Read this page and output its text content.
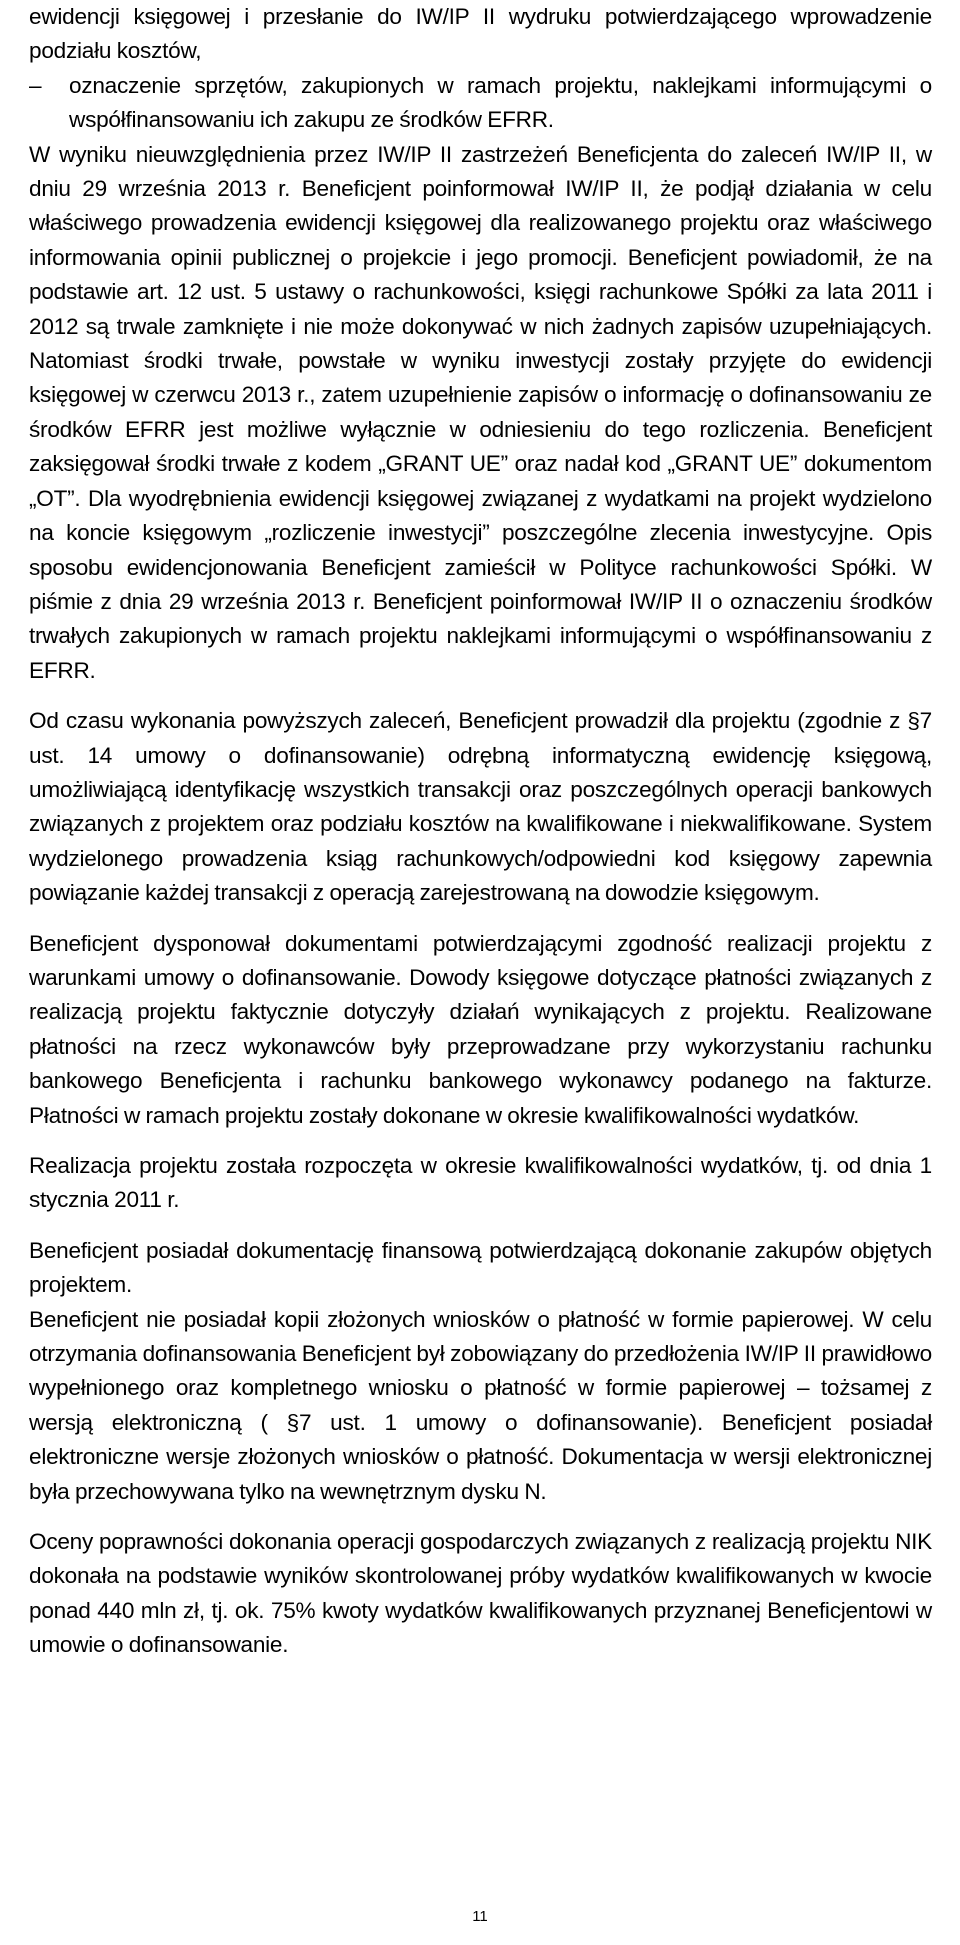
ewidencji księgowej i przesłanie do IW/IP II wydruku potwierdzającego wprowadzenie podziału kosztów,

–	oznaczenie sprzętów, zakupionych w ramach projektu, naklejkami informującymi o współfinansowaniu ich zakupu ze środków EFRR.

W wyniku nieuwzględnienia przez IW/IP II zastrzeżeń Beneficjenta do zaleceń IW/IP II, w dniu 29 września 2013 r. Beneficjent poinformował IW/IP II, że podjął działania w celu właściwego prowadzenia ewidencji księgowej dla realizowanego projektu oraz właściwego informowania opinii publicznej o projekcie i jego promocji. Beneficjent powiadomił, że na podstawie art. 12 ust. 5 ustawy o rachunkowości, księgi rachunkowe Spółki za lata 2011 i 2012 są trwale zamknięte i nie może dokonywać w nich żadnych zapisów uzupełniających. Natomiast środki trwałe, powstałe w wyniku inwestycji zostały przyjęte do ewidencji księgowej w czerwcu 2013 r., zatem uzupełnienie zapisów o informację o dofinansowaniu ze środków EFRR jest możliwe wyłącznie w odniesieniu do tego rozliczenia. Beneficjent zaksięgował środki trwałe z kodem „GRANT UE” oraz nadał kod „GRANT UE” dokumentom „OT”. Dla wyodrębnienia ewidencji księgowej związanej z wydatkami na projekt wydzielono na koncie księgowym „rozliczenie inwestycji” poszczególne zlecenia inwestycyjne. Opis sposobu ewidencjonowania Beneficjent zamieścił w Polityce rachunkowości Spółki. W piśmie z dnia 29 września 2013 r. Beneficjent poinformował IW/IP II o oznaczeniu środków trwałych zakupionych w ramach projektu naklejkami informującymi o współfinansowaniu z EFRR.

Od czasu wykonania powyższych zaleceń, Beneficjent prowadził dla projektu (zgodnie z §7 ust. 14 umowy o dofinansowanie) odrębną informatyczną ewidencję księgową, umożliwiającą identyfikację wszystkich transakcji oraz poszczególnych operacji bankowych związanych z projektem oraz podziału kosztów na kwalifikowane i niekwalifikowane. System wydzielonego prowadzenia ksiąg rachunkowych/odpowiedni kod księgowy zapewnia powiązanie każdej transakcji z operacją zarejestrowaną na dowodzie księgowym.

Beneficjent dysponował dokumentami potwierdzającymi zgodność realizacji projektu z warunkami umowy o dofinansowanie. Dowody księgowe dotyczące płatności związanych z realizacją projektu faktycznie dotyczyły działań wynikających z projektu. Realizowane płatności na rzecz wykonawców były przeprowadzane przy wykorzystaniu rachunku bankowego Beneficjenta i rachunku bankowego wykonawcy podanego na fakturze. Płatności w ramach projektu zostały dokonane w okresie kwalifikowalności wydatków.

Realizacja projektu została rozpoczęta w okresie kwalifikowalności wydatków, tj. od dnia 1 stycznia 2011 r.

Beneficjent posiadał dokumentację finansową potwierdzającą dokonanie zakupów objętych projektem.

Beneficjent nie posiadał kopii złożonych wniosków o płatność w formie papierowej. W celu otrzymania dofinansowania Beneficjent był zobowiązany do przedłożenia IW/IP II prawidłowo wypełnionego oraz kompletnego wniosku o płatność w formie papierowej – tożsamej z wersją elektroniczną ( §7 ust. 1 umowy o dofinansowanie). Beneficjent posiadał elektroniczne wersje złożonych wniosków o płatność. Dokumentacja w wersji elektronicznej była przechowywana tylko na wewnętrznym dysku N.

Oceny poprawności dokonania operacji gospodarczych związanych z realizacją projektu NIK dokonała na podstawie wyników skontrolowanej próby wydatków kwalifikowanych w kwocie ponad 440 mln zł, tj. ok. 75% kwoty wydatków kwalifikowanych przyznanej Beneficjentowi w umowie o dofinansowanie.

11
